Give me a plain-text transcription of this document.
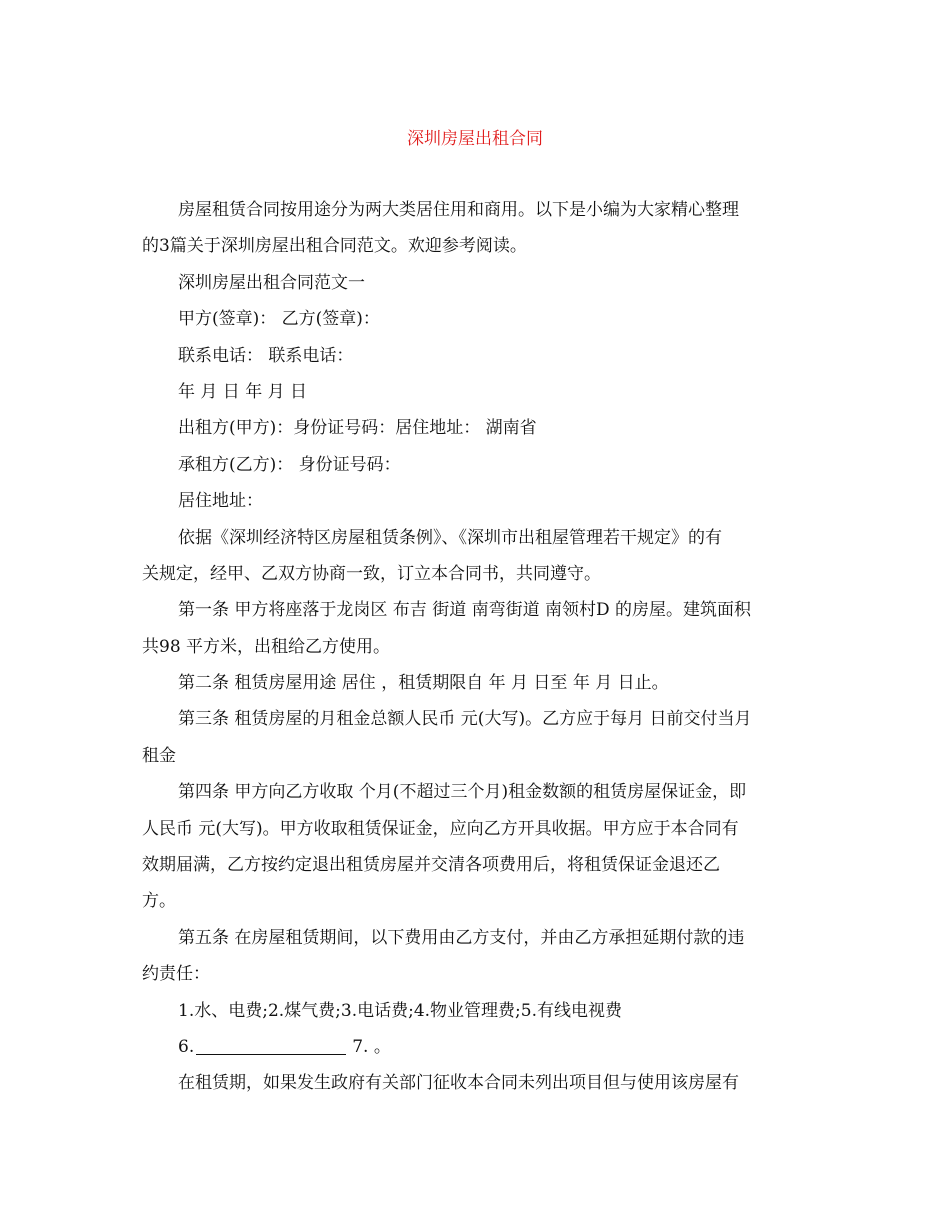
深圳房屋出租合同
房屋租赁合同按用途分为两大类居住用和商用。以下是小编为大家精心整理
的3篇关于深圳房屋出租合同范文。欢迎参考阅读。
深圳房屋出租合同范文一
甲方(签章)： 乙方(签章)：
联系电话： 联系电话：
年 月 日 年 月 日
出租方(甲方)：身份证号码：居住地址： 湖南省
承租方(乙方)： 身份证号码：
居住地址：
依据《深圳经济特区房屋租赁条例》、《深圳市出租屋管理若干规定》的有
关规定，经甲、乙双方协商一致，订立本合同书，共同遵守。
第一条 甲方将座落于龙岗区 布吉 街道 南弯街道 南领村D 的房屋。建筑面积
共98 平方米，出租给乙方使用。
第二条 租赁房屋用途 居住 ，租赁期限自 年 月 日至 年 月 日止。
第三条 租赁房屋的月租金总额人民币 元(大写)。乙方应于每月 日前交付当月
租金
第四条 甲方向乙方收取 个月(不超过三个月)租金数额的租赁房屋保证金，即
人民币 元(大写)。甲方收取租赁保证金，应向乙方开具收据。甲方应于本合同有
效期届满，乙方按约定退出租赁房屋并交清各项费用后，将租赁保证金退还乙
方。
第五条 在房屋租赁期间，以下费用由乙方支付，并由乙方承担延期付款的违
约责任：
1.水、电费;2.煤气费;3.电话费;4.物业管理费;5.有线电视费
6.	7. 。
在租赁期，如果发生政府有关部门征收本合同未列出项目但与使用该房屋有
